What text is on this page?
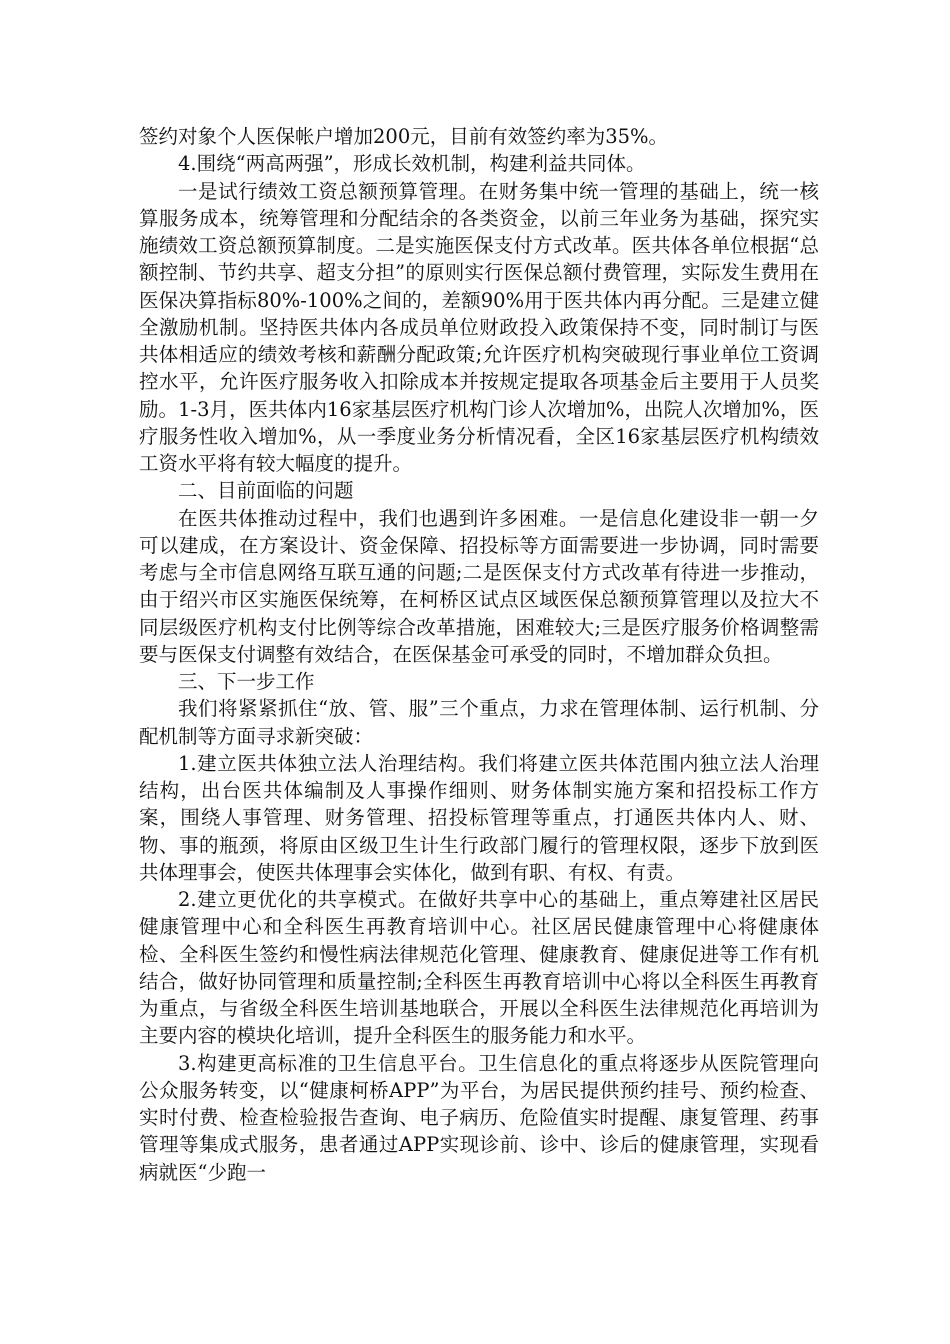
签约对象个人医保帐户增加200元，目前有效签约率为35%。

4.围绕“两高两强”，形成长效机制，构建利益共同体。

一是试行绩效工资总额预算管理。在财务集中统一管理的基础上，统一核算服务成本，统筹管理和分配结余的各类资金，以前三年业务为基础，探究实施绩效工资总额预算制度。二是实施医保支付方式改革。医共体各单位根据“总额控制、节约共享、超支分担”的原则实行医保总额付费管理，实际发生费用在医保决算指标80%-100%之间的，差额90%用于医共体内再分配。三是建立健全激励机制。坚持医共体内各成员单位财政投入政策保持不变，同时制订与医共体相适应的绩效考核和薪酬分配政策;允许医疗机构突破现行事业单位工资调控水平，允许医疗服务收入扣除成本并按规定提取各项基金后主要用于人员奖励。1-3月，医共体内16家基层医疗机构门诊人次增加%，出院人次增加%，医疗服务性收入增加%，从一季度业务分析情况看，全区16家基层医疗机构绩效工资水平将有较大幅度的提升。

二、目前面临的问题

在医共体推动过程中，我们也遇到许多困难。一是信息化建设非一朝一夕可以建成，在方案设计、资金保障、招投标等方面需要进一步协调，同时需要考虑与全市信息网络互联互通的问题;二是医保支付方式改革有待进一步推动，由于绍兴市区实施医保统筹，在柯桥区试点区域医保总额预算管理以及拉大不同层级医疗机构支付比例等综合改革措施，困难较大;三是医疗服务价格调整需要与医保支付调整有效结合，在医保基金可承受的同时，不增加群众负担。

三、下一步工作

我们将紧紧抓住“放、管、服”三个重点，力求在管理体制、运行机制、分配机制等方面寻求新突破：

1.建立医共体独立法人治理结构。我们将建立医共体范围内独立法人治理结构，出台医共体编制及人事操作细则、财务体制实施方案和招投标工作方案，围绕人事管理、财务管理、招投标管理等重点，打通医共体内人、财、物、事的瓶颈，将原由区级卫生计生行政部门履行的管理权限，逐步下放到医共体理事会，使医共体理事会实体化，做到有职、有权、有责。

2.建立更优化的共享模式。在做好共享中心的基础上，重点筹建社区居民健康管理中心和全科医生再教育培训中心。社区居民健康管理中心将健康体检、全科医生签约和慢性病法律规范化管理、健康教育、健康促进等工作有机结合，做好协同管理和质量控制;全科医生再教育培训中心将以全科医生再教育为重点，与省级全科医生培训基地联合，开展以全科医生法律规范化再培训为主要内容的模块化培训，提升全科医生的服务能力和水平。

3.构建更高标准的卫生信息平台。卫生信息化的重点将逐步从医院管理向公众服务转变，以“健康柯桥APP”为平台，为居民提供预约挂号、预约检查、实时付费、检查检验报告查询、电子病历、危险值实时提醒、康复管理、药事管理等集成式服务，患者通过APP实现诊前、诊中、诊后的健康管理，实现看病就医“少跑一
